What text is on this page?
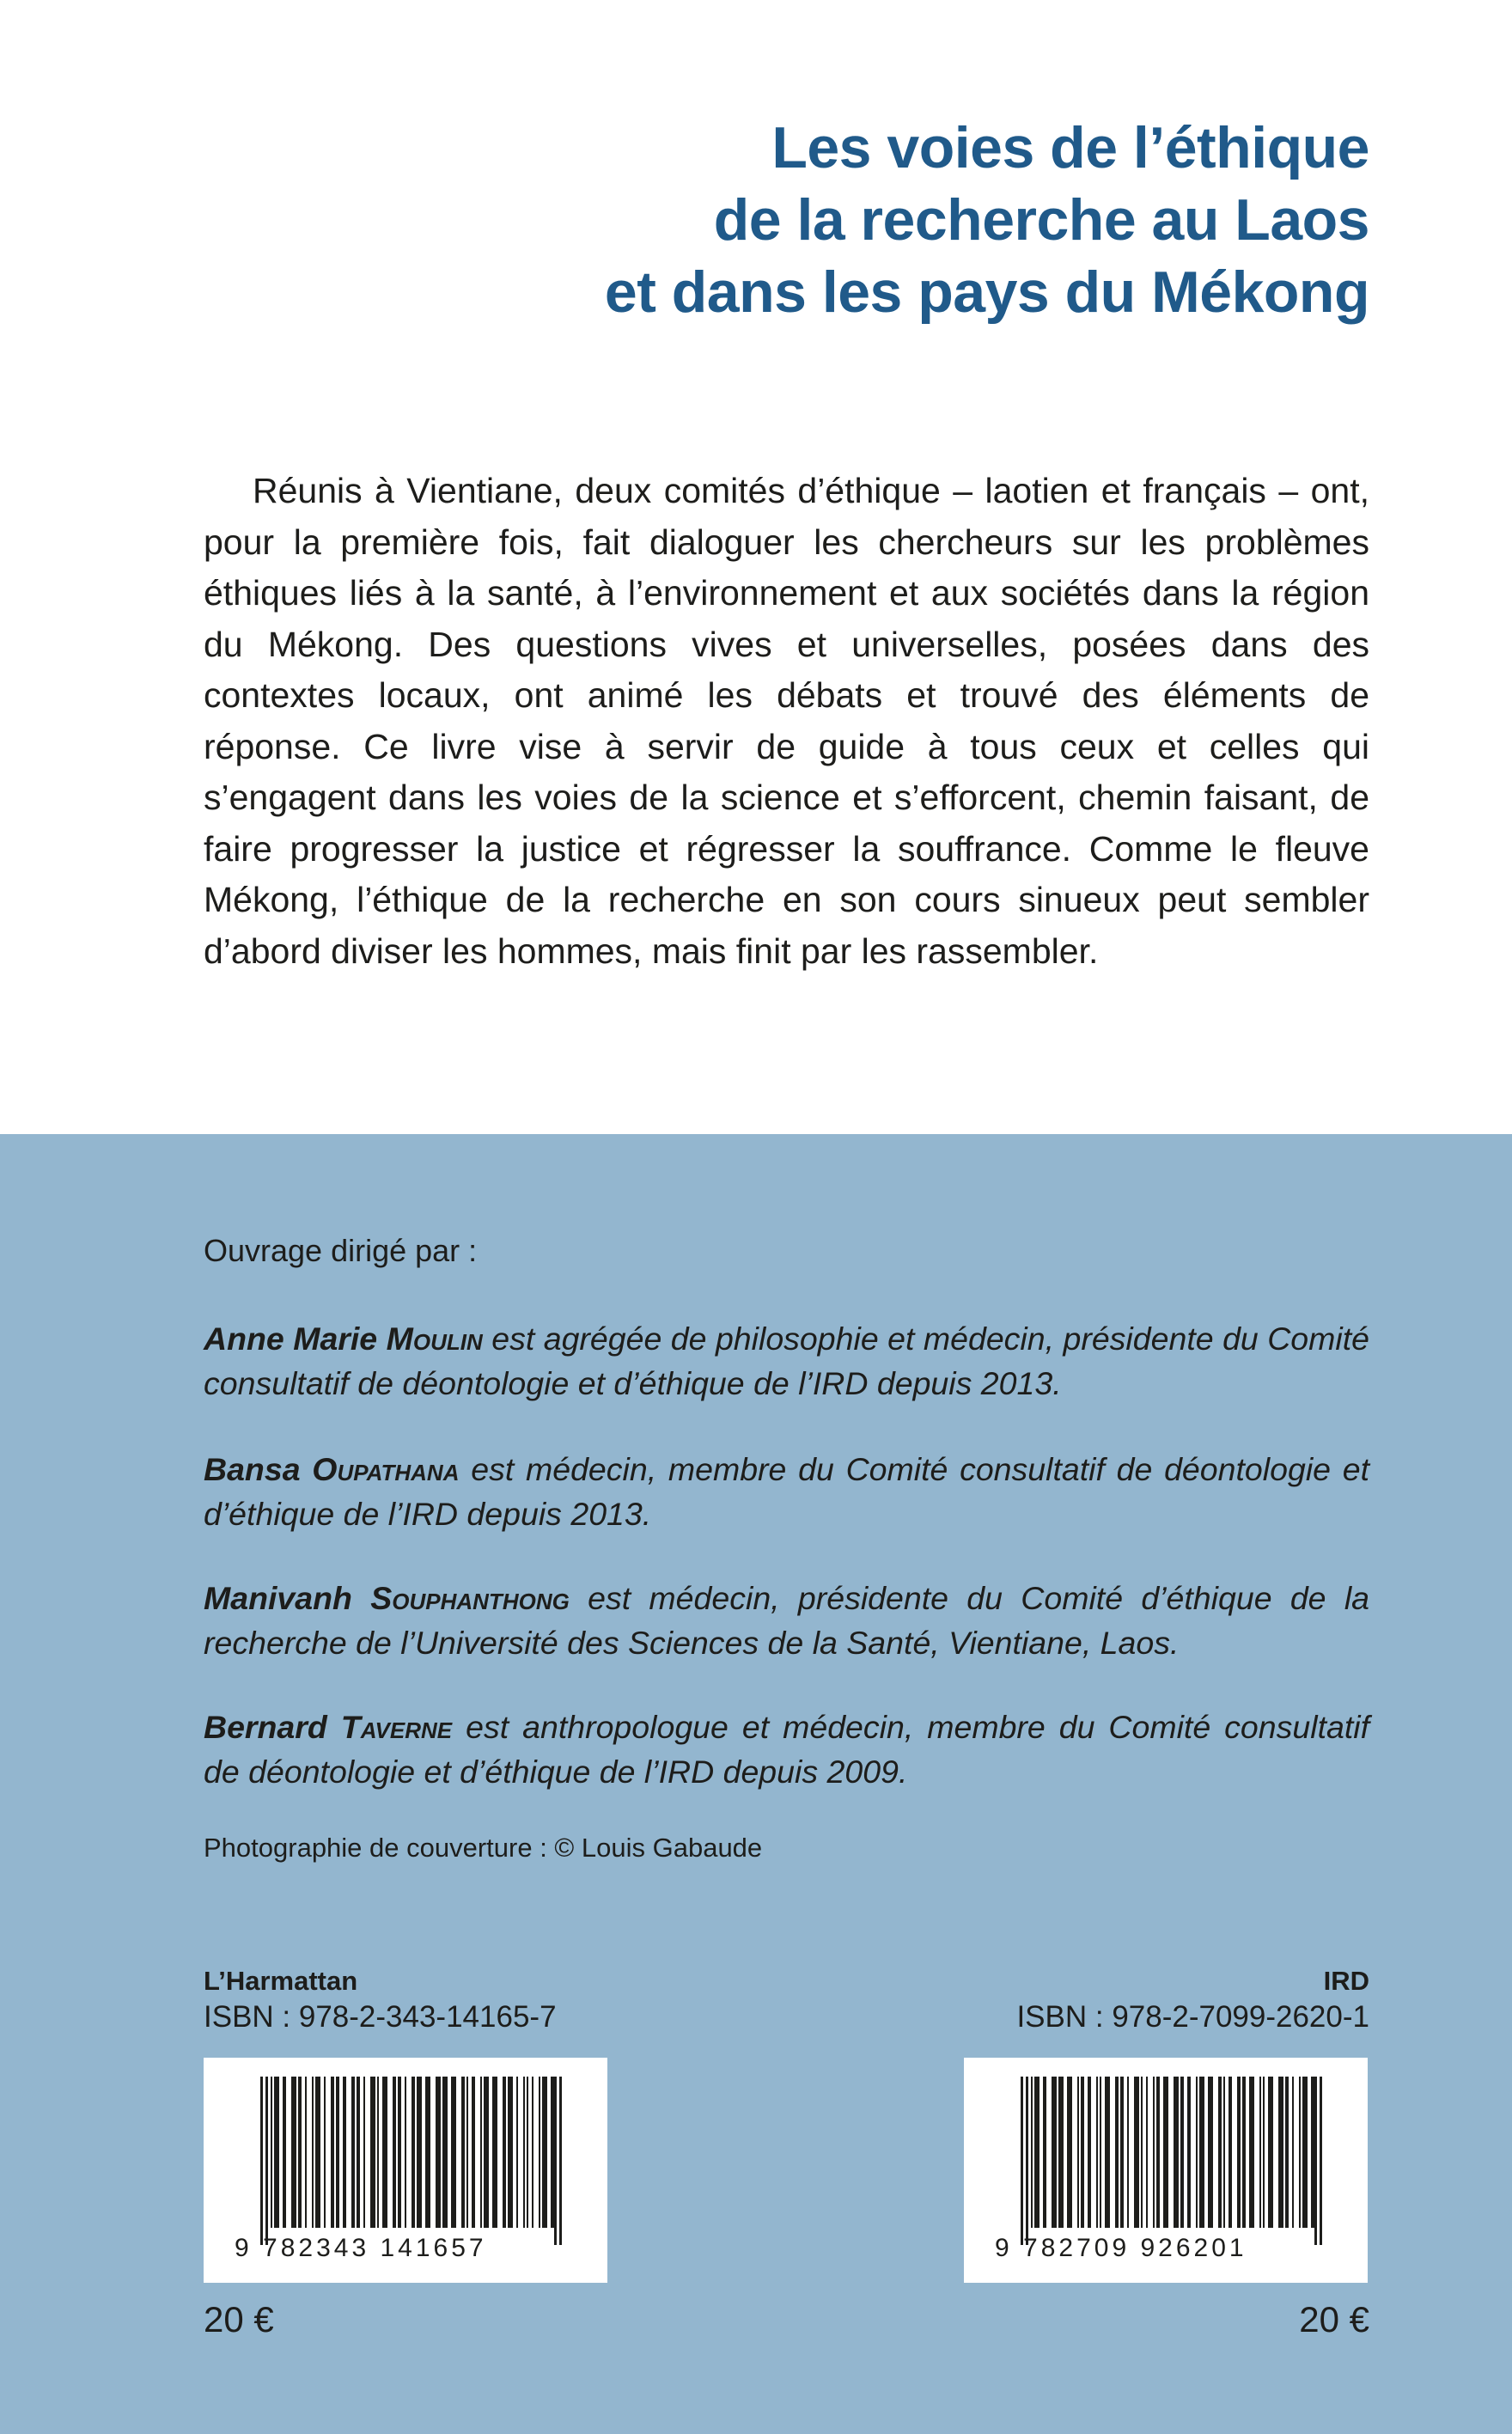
Les voies de l’éthique
de la recherche au Laos
et dans les pays du Mékong

Réunis à Vientiane, deux comités d’éthique – laotien et français – ont, pour la première fois, fait dialoguer les chercheurs sur les problèmes éthiques liés à la santé, à l’environnement et aux sociétés dans la région du Mékong. Des questions vives et universelles, posées dans des contextes locaux, ont animé les débats et trouvé des éléments de réponse. Ce livre vise à servir de guide à tous ceux et celles qui s’engagent dans les voies de la science et s’efforcent, chemin faisant, de faire progresser la justice et régresser la souffrance. Comme le fleuve Mékong, l’éthique de la recherche en son cours sinueux peut sembler d’abord diviser les hommes, mais finit par les rassembler.

Ouvrage dirigé par :

Anne Marie Moulin est agrégée de philosophie et médecin, présidente du Comité consultatif de déontologie et d’éthique de l’IRD depuis 2013.

Bansa Oupathana est médecin, membre du Comité consultatif de déontologie et d’éthique de l’IRD depuis 2013.

Manivanh Souphanthong est médecin, présidente du Comité d’éthique de la recherche de l’Université des Sciences de la Santé, Vientiane, Laos.

Bernard Taverne est anthropologue et médecin, membre du Comité consultatif de déontologie et d’éthique de l’IRD depuis 2009.

Photographie de couverture : © Louis Gabaude
L’Harmattan
ISBN : 978-2-343-14165-7
IRD
ISBN : 978-2-7099-2620-1
9 782343 141657	9 782709 926201
20 €	20 €
